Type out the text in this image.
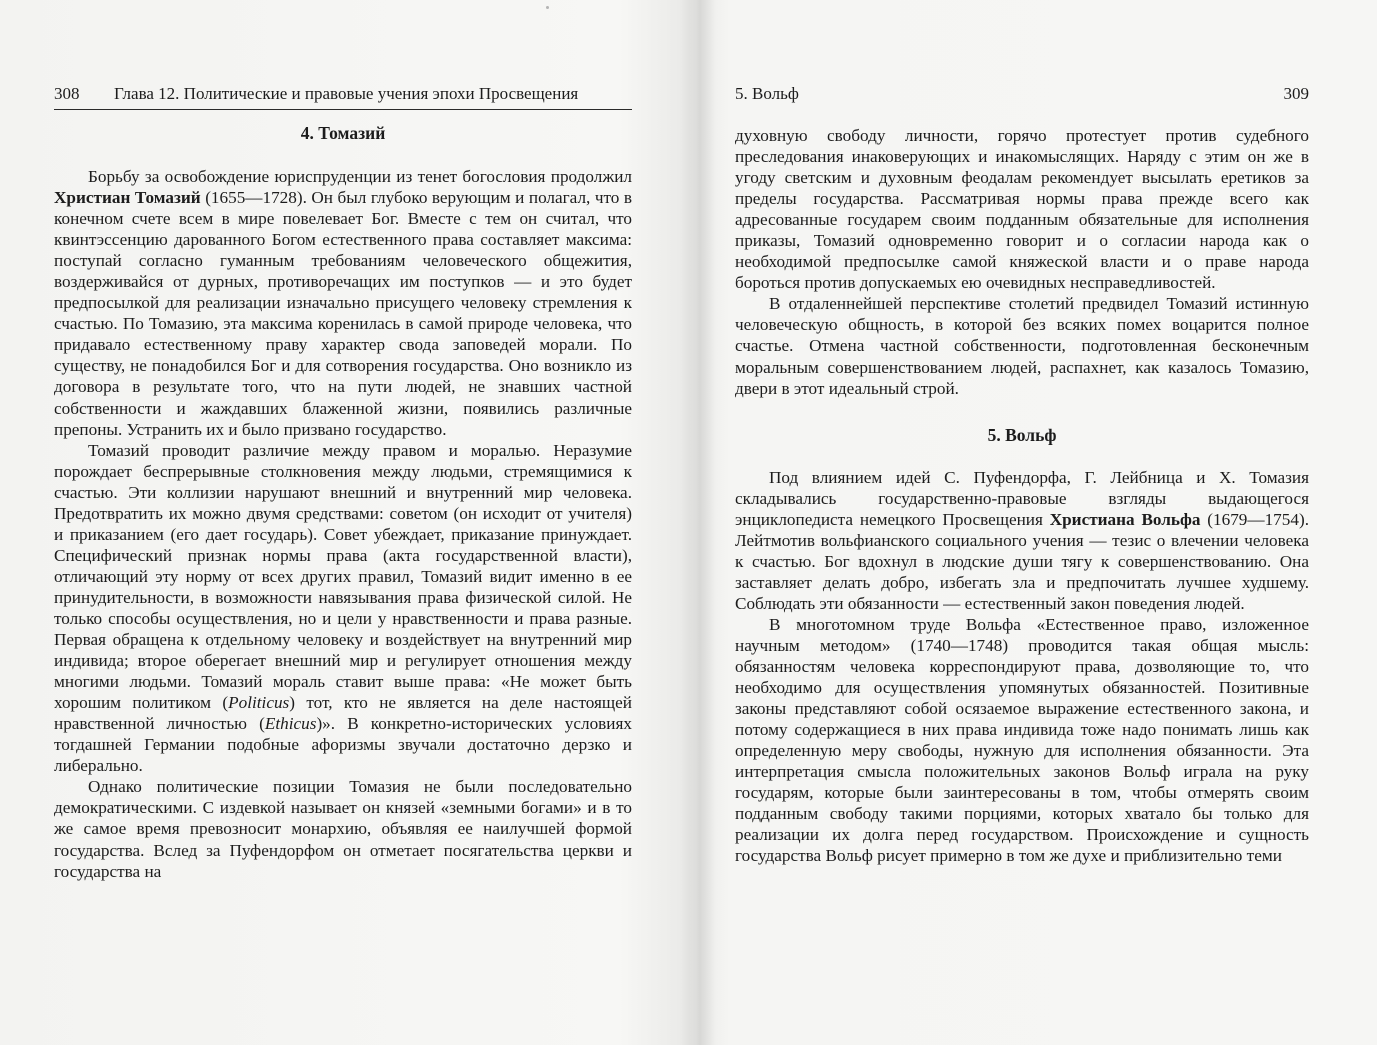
308 Глава 12. Политические и правовые учения эпохи Просвещения
4. Томазий

Борьбу за освобождение юриспруденции из тенет богословия продолжил Христиан Томазий (1655—1728). Он был глубоко верующим и полагал, что в конечном счете всем в мире повелевает Бог. Вместе с тем он считал, что квинтэссенцию дарованного Богом естественного права составляет максима: поступай согласно гуманным требованиям человеческого общежития, воздерживайся от дурных, противоречащих им поступков — и это будет предпосылкой для реализации изначально присущего человеку стремления к счастью. По Томазию, эта максима коренилась в самой природе человека, что придавало естественному праву характер свода заповедей морали. По существу, не понадобился Бог и для сотворения государства. Оно возникло из договора в результате того, что на пути людей, не знавших частной собственности и жаждавших блаженной жизни, появились различные препоны. Устранить их и было призвано государство.

Томазий проводит различие между правом и моралью. Неразумие порождает беспрерывные столкновения между людьми, стремящимися к счастью. Эти коллизии нарушают внешний и внутренний мир человека. Предотвратить их можно двумя средствами: советом (он исходит от учителя) и приказанием (его дает государь). Совет убеждает, приказание принуждает. Специфический признак нормы права (акта государственной власти), отличающий эту норму от всех других правил, Томазий видит именно в ее принудительности, в возможности навязывания права физической силой. Не только способы осуществления, но и цели у нравственности и права разные. Первая обращена к отдельному человеку и воздействует на внутренний мир индивида; второе оберегает внешний мир и регулирует отношения между многими людьми. Томазий мораль ставит выше права: «Не может быть хорошим политиком (Politicus) тот, кто не является на деле настоящей нравственной личностью (Ethicus)». В конкретно-исторических условиях тогдашней Германии подобные афоризмы звучали достаточно дерзко и либерально.

Однако политические позиции Томазия не были последовательно демократическими. С издевкой называет он князей «земными богами» и в то же самое время превозносит монархию, объявляя ее наилучшей формой государства. Вслед за Пуфендорфом он отметает посягательства церкви и государства на

5. Вольф	309

духовную свободу личности, горячо протестует против судебного преследования инаковерующих и инакомыслящих. Наряду с этим он же в угоду светским и духовным феодалам рекомендует высылать еретиков за пределы государства. Рассматривая нормы права прежде всего как адресованные государем своим подданным обязательные для исполнения приказы, Томазий одновременно говорит и о согласии народа как о необходимой предпосылке самой княжеской власти и о праве народа бороться против допускаемых ею очевидных несправедливостей.

В отдаленнейшей перспективе столетий предвидел Томазий истинную человеческую общность, в которой без всяких помех воцарится полное счастье. Отмена частной собственности, подготовленная бесконечным моральным совершенствованием людей, распахнет, как казалось Томазию, двери в этот идеальный строй.

5. Вольф

Под влиянием идей С. Пуфендорфа, Г. Лейбница и Х. Томазия складывались государственно-правовые взгляды выдающегося энциклопедиста немецкого Просвещения Христиана Вольфа (1679—1754). Лейтмотив вольфианского социального учения — тезис о влечении человека к счастью. Бог вдохнул в людские души тягу к совершенствованию. Она заставляет делать добро, избегать зла и предпочитать лучшее худшему. Соблюдать эти обязанности — естественный закон поведения людей.

В многотомном труде Вольфа «Естественное право, изложенное научным методом» (1740—1748) проводится такая общая мысль: обязанностям человека корреспондируют права, дозволяющие то, что необходимо для осуществления упомянутых обязанностей. Позитивные законы представляют собой осязаемое выражение естественного закона, и потому содержащиеся в них права индивида тоже надо понимать лишь как определенную меру свободы, нужную для исполнения обязанности. Эта интерпретация смысла положительных законов Вольф играла на руку государям, которые были заинтересованы в том, чтобы отмерять своим подданным свободу такими порциями, которых хватало бы только для реализации их долга перед государством. Происхождение и сущность государства Вольф рисует примерно в том же духе и приблизительно теми
